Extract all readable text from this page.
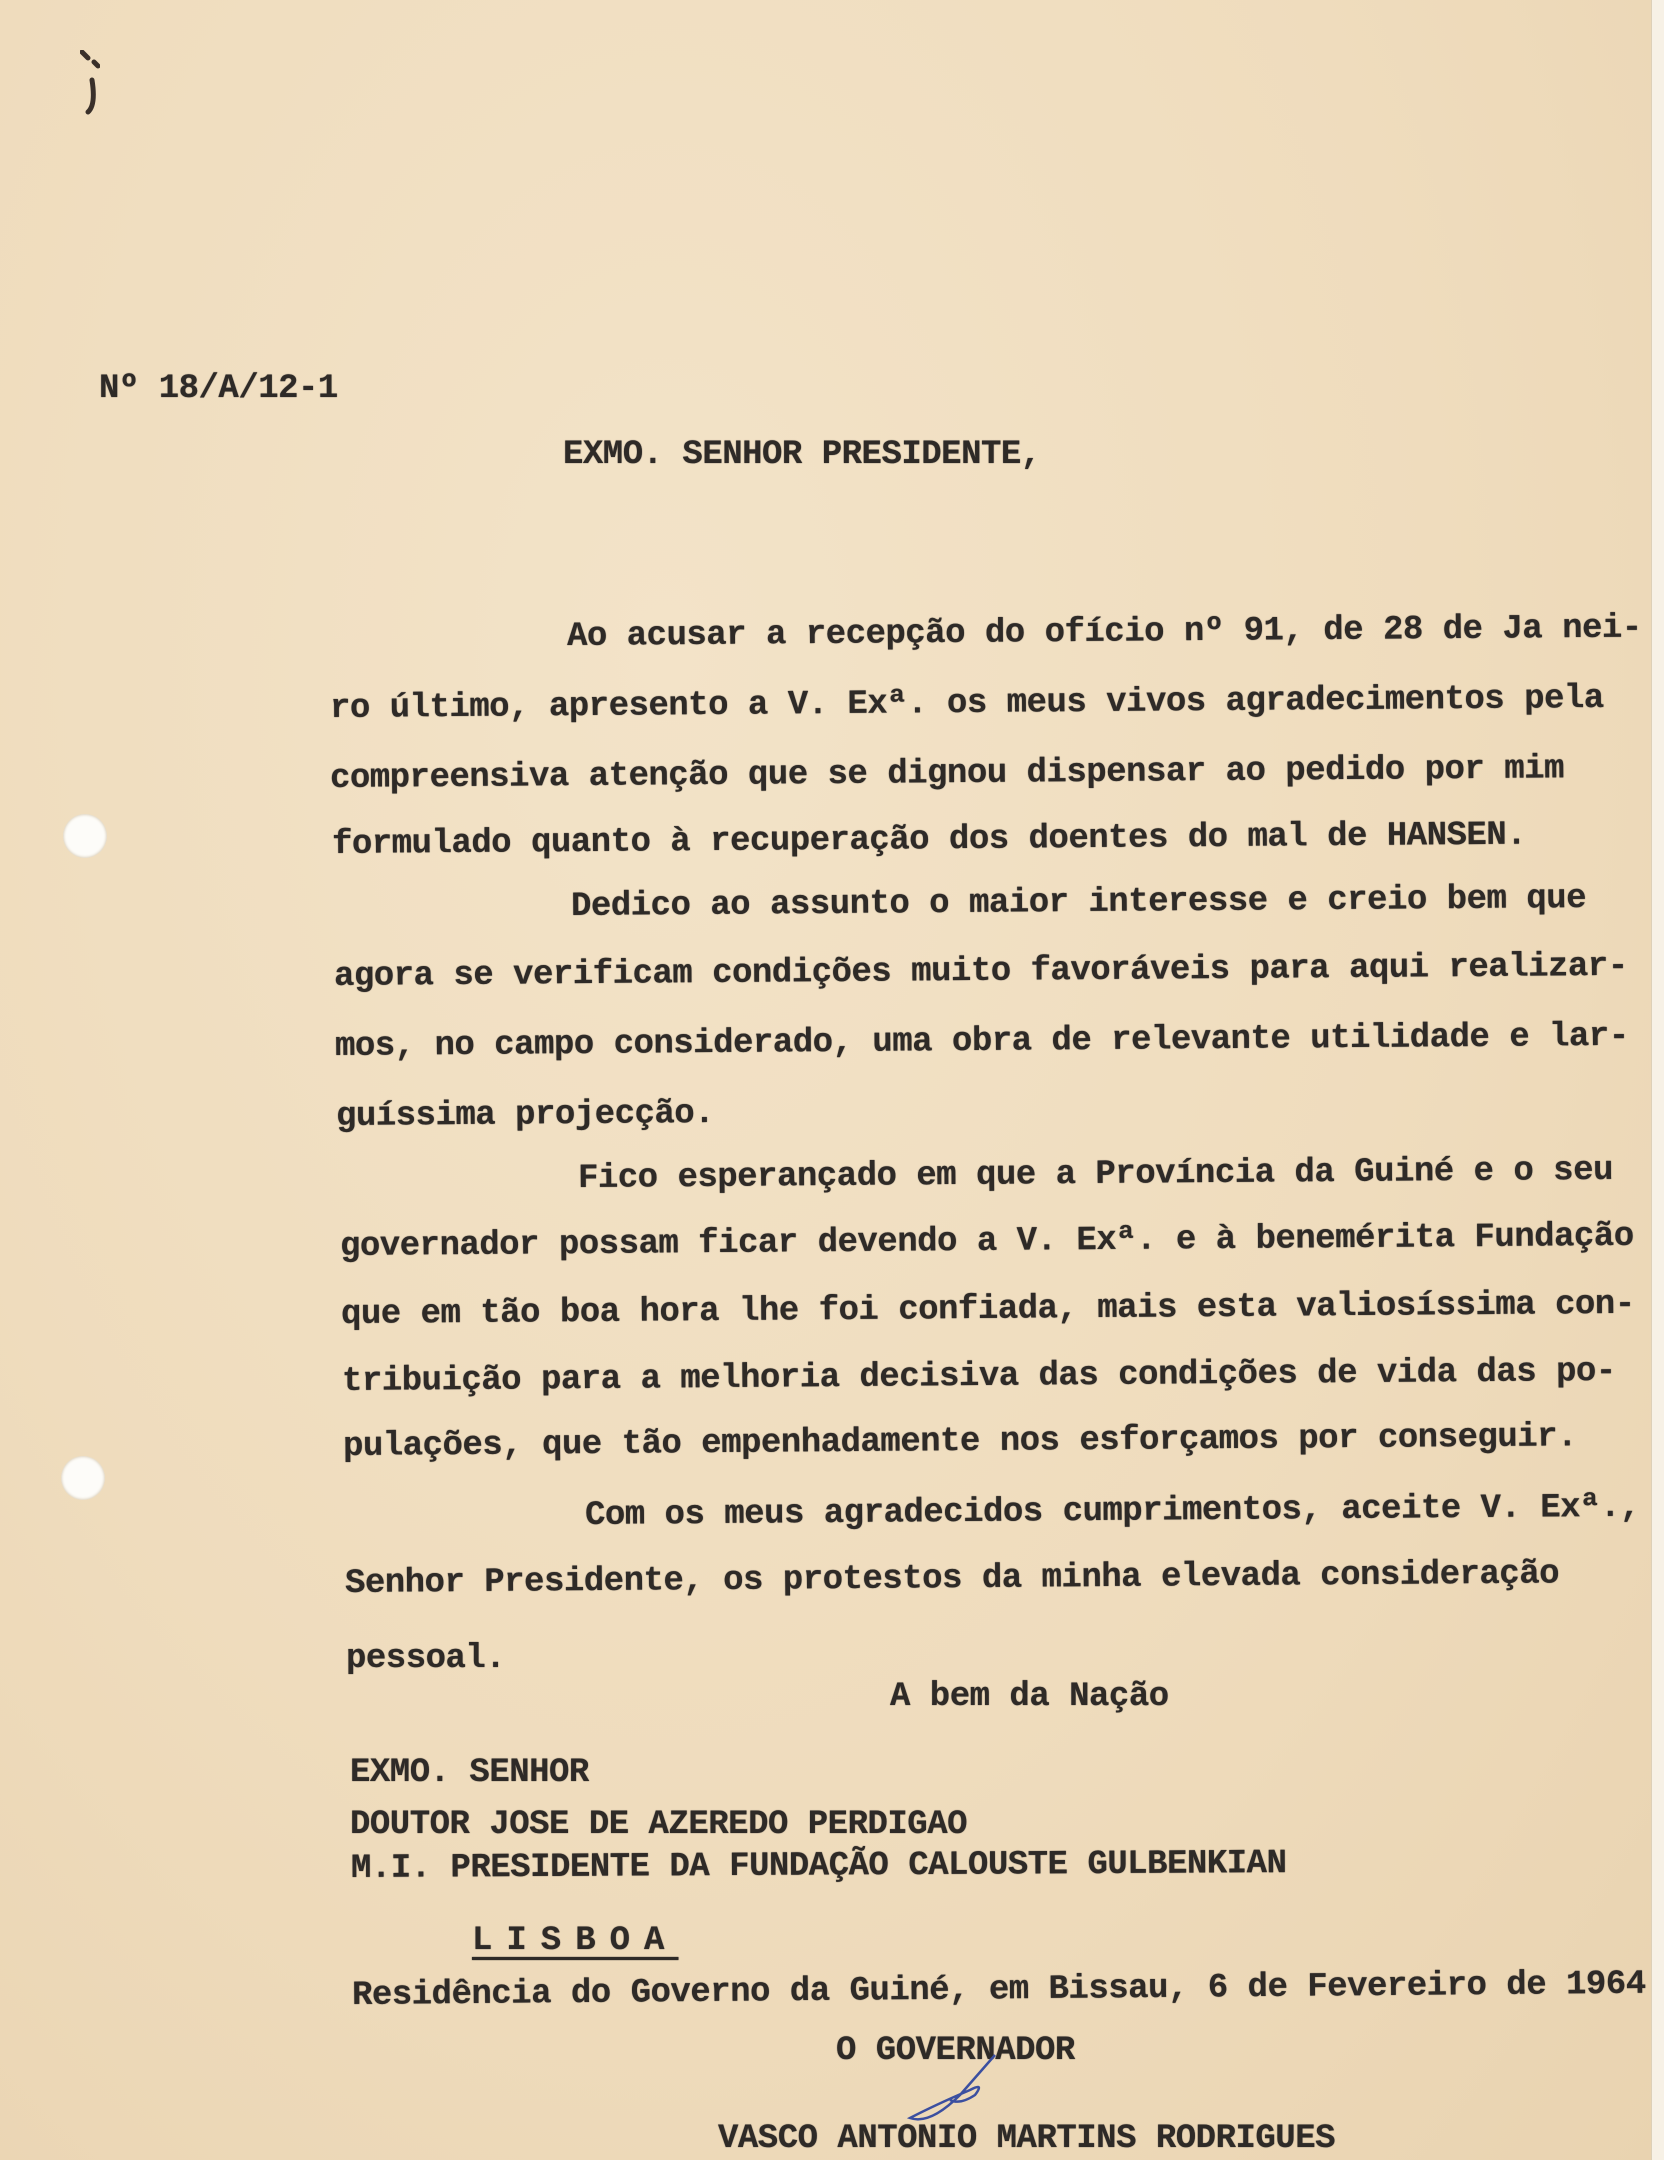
Nº 18/A/12-1
EXMO. SENHOR PRESIDENTE,
Ao acusar a recepção do ofício nº 91, de 28 de Ja nei-
ro último, apresento a V. Exª. os meus vivos agradecimentos pela
compreensiva atenção que se dignou dispensar ao pedido por mim
formulado quanto à recuperação dos doentes do mal de HANSEN.
Dedico ao assunto o maior interesse e creio bem que
agora se verificam condições muito favoráveis para aqui realizar-
mos, no campo considerado, uma obra de relevante utilidade e lar-
guíssima projecção.
Fico esperançado em que a Província da Guiné e o seu
governador possam ficar devendo a V. Exª. e à benemérita Fundação
que em tão boa hora lhe foi confiada, mais esta valiosíssima con-
tribuição para a melhoria decisiva das condições de vida das po-
pulações, que tão empenhadamente nos esforçamos por conseguir.
Com os meus agradecidos cumprimentos, aceite V. Exª.,
Senhor Presidente, os protestos da minha elevada consideração
pessoal.
A bem da Nação
EXMO. SENHOR
DOUTOR JOSE DE AZEREDO PERDIGAO
M.I. PRESIDENTE DA FUNDAÇÃO CALOUSTE GULBENKIAN
LISBOA
Residência do Governo da Guiné, em Bissau, 6 de Fevereiro de 1964
O GOVERNADOR
VASCO ANTONIO MARTINS RODRIGUES
